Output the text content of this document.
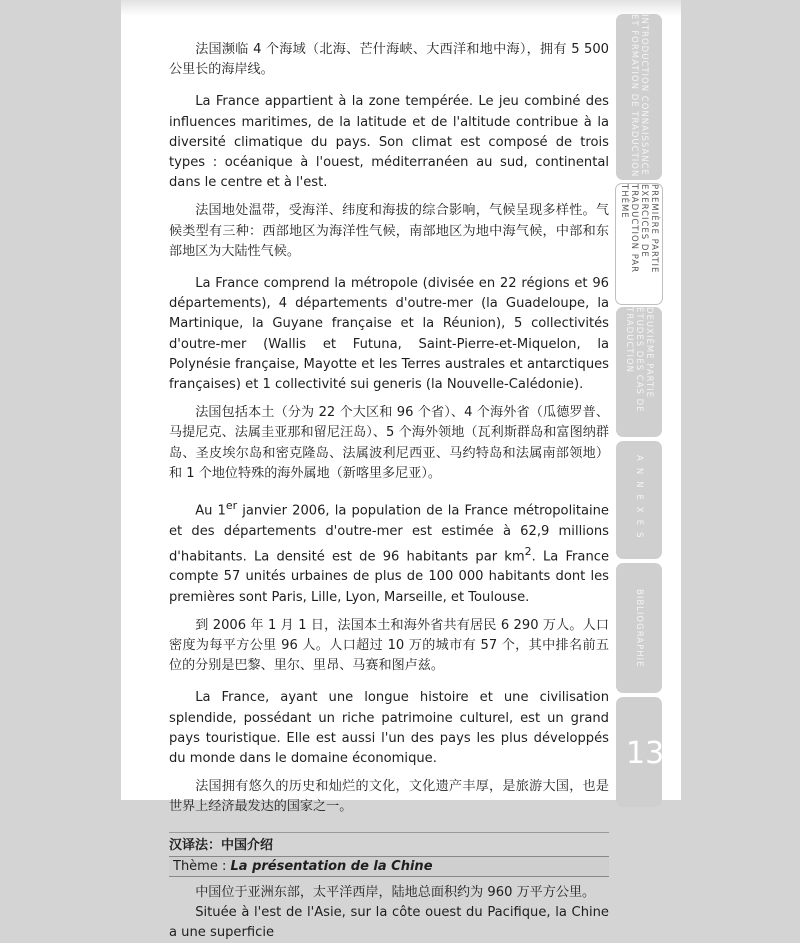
法国濒临 4 个海域（北海、芒什海峡、大西洋和地中海），拥有 5 500 公里长的海岸线。

La France appartient à la zone tempérée. Le jeu combiné des influences maritimes, de la latitude et de l'altitude contribue à la diversité climatique du pays. Son climat est composé de trois types : océanique à l'ouest, méditerranéen au sud, continental dans le centre et à l'est.

法国地处温带，受海洋、纬度和海拔的综合影响，气候呈现多样性。气候类型有三种：西部地区为海洋性气候，南部地区为地中海气候，中部和东部地区为大陆性气候。

La France comprend la métropole (divisée en 22 régions et 96 départements), 4 départements d'outre-mer (la Guadeloupe, la Martinique, la Guyane française et la Réunion), 5 collectivités d'outre-mer (Wallis et Futuna, Saint-Pierre-et-Miquelon, la Polynésie française, Mayotte et les Terres australes et antarctiques françaises) et 1 collectivité sui generis (la Nouvelle-Calédonie).

法国包括本土（分为 22 个大区和 96 个省）、4 个海外省（瓜德罗普、马提尼克、法属圭亚那和留尼汪岛）、5 个海外领地（瓦利斯群岛和富图纳群岛、圣皮埃尔岛和密克隆岛、法属波利尼西亚、马约特岛和法属南部领地）和 1 个地位特殊的海外属地（新喀里多尼亚）。

Au 1er janvier 2006, la population de la France métropolitaine et des départements d'outre-mer est estimée à 62,9 millions d'habitants. La densité est de 96 habitants par $km^2$. La France compte 57 unités urbaines de plus de 100 000 habitants dont les premières sont Paris, Lille, Lyon, Marseille, et Toulouse.

到 2006 年 1 月 1 日，法国本土和海外省共有居民 6 290 万人。人口密度为每平方公里 96 人。人口超过 10 万的城市有 57 个，其中排名前五位的分别是巴黎、里尔、里昂、马赛和图卢兹。

La France, ayant une longue histoire et une civilisation splendide, possédant un riche patrimoine culturel, est un grand pays touristique. Elle est aussi l'un des pays les plus développés du monde dans le domaine économique.

法国拥有悠久的历史和灿烂的文化，文化遗产丰厚，是旅游大国，也是世界上经济最发达的国家之一。

汉译法：中国介绍
Thème : La présentation de la Chine

中国位于亚洲东部，太平洋西岸，陆地总面积约为 960 万平方公里。

Située à l'est de l'Asie, sur la côte ouest du Pacifique, la Chine a une superficie

INTRODUCTION CONNAISSANCE ET FORMATION DE TRADUCTION
PREMIÈRE PARTIE EXERCICES DE TRADUCTION PAR THÈME
DEUXIÈME PARTIE ÉTUDES DES CAS DE TRADUCTION
ANNEXES
BIBLIOGRAPHIE
13
